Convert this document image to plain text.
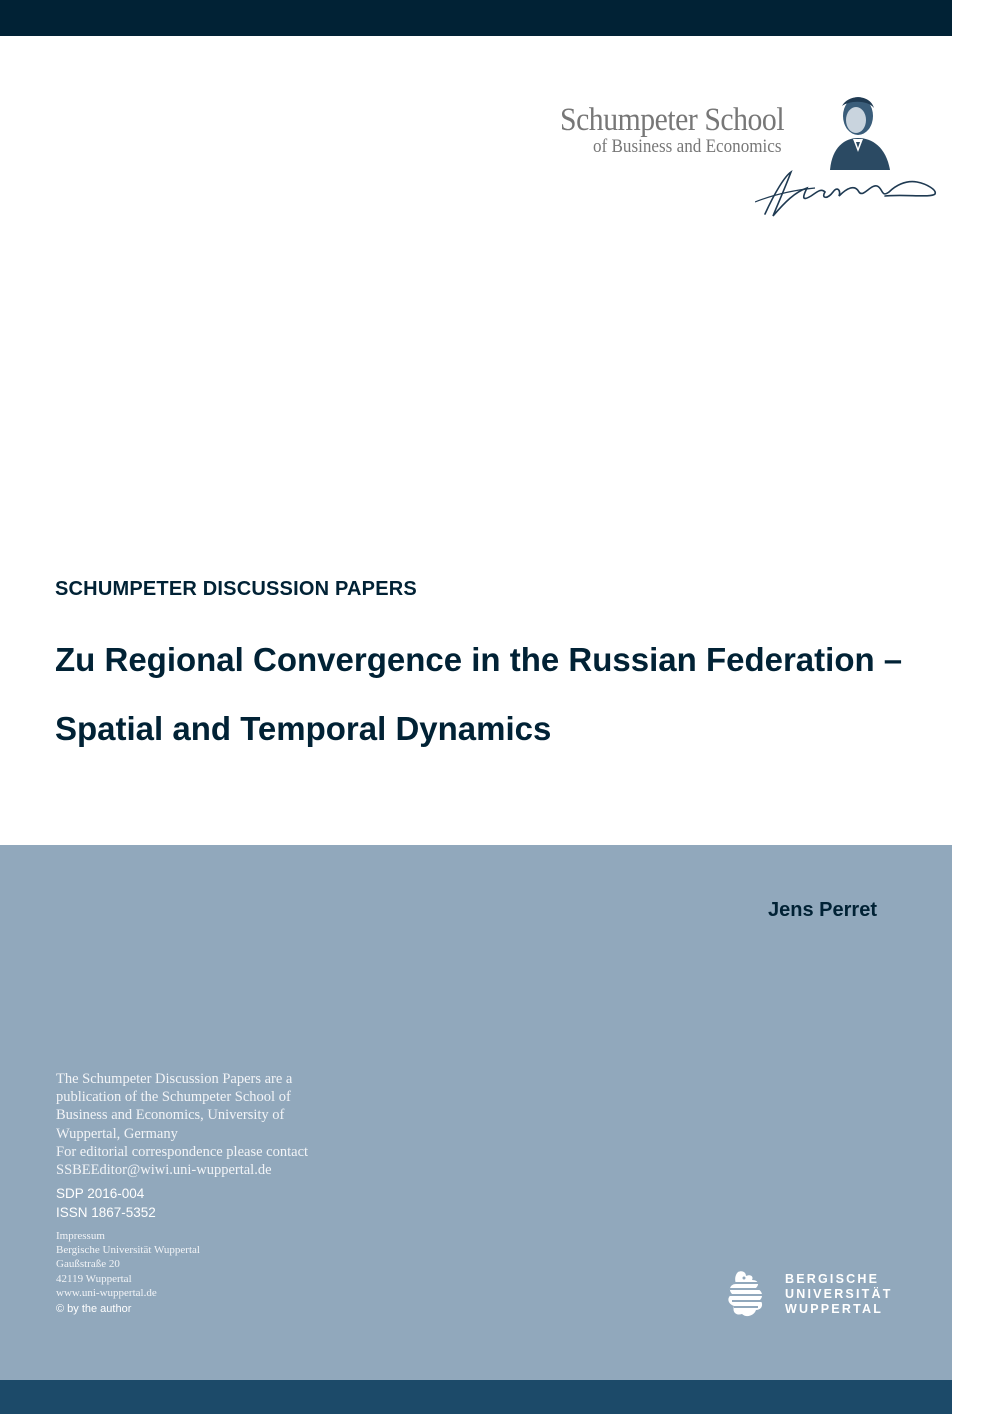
Schumpeter School
of Business and Economics
SCHUMPETER DISCUSSION PAPERS
Zu Regional Convergence in the Russian Federation –
Spatial and Temporal Dynamics
Jens Perret
The Schumpeter Discussion Papers are a
publication of the Schumpeter School of
Business and Economics, University of
Wuppertal, Germany
For editorial correspondence please contact
SSBEEditor@wiwi.uni-wuppertal.de
SDP 2016-004
ISSN 1867-5352
Impressum
Bergische Universität Wuppertal
Gaußstraße 20
42119 Wuppertal
www.uni-wuppertal.de
© by the author
BERGISCHE
UNIVERSITÄT
WUPPERTAL
